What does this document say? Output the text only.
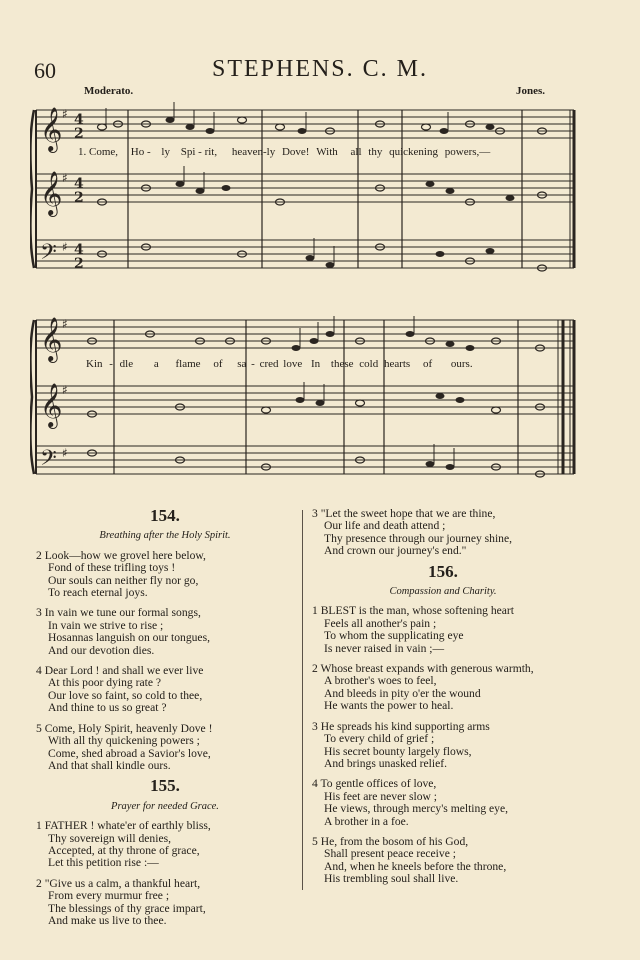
60	STEPHENS. C. M.
Moderato.	Jones.
𝄞
𝄞
𝄢
♯
♯
♯
4
2
4
2
4
2
1. Come, Ho - ly Spi - rit, heaven-ly Dove! With all thy quickening powers,—
𝄞
𝄞
𝄢
♯
♯
♯
Kin - dle a flame of sa - cred love In these cold hearts of ours.
154.
Breathing after the Holy Spirit.
2 Look—how we grovel here below,
Fond of these trifling toys !
Our souls can neither fly nor go,
To reach eternal joys.
3 In vain we tune our formal songs,
In vain we strive to rise ;
Hosannas languish on our tongues,
And our devotion dies.
4 Dear Lord ! and shall we ever live
At this poor dying rate ?
Our love so faint, so cold to thee,
And thine to us so great ?
5 Come, Holy Spirit, heavenly Dove !
With all thy quickening powers ;
Come, shed abroad a Savior's love,
And that shall kindle ours.
155.
Prayer for needed Grace.
1 FATHER ! whate'er of earthly bliss,
Thy sovereign will denies,
Accepted, at thy throne of grace,
Let this petition rise :—
2 "Give us a calm, a thankful heart,
From every murmur free ;
The blessings of thy grace impart,
And make us live to thee.
3 "Let the sweet hope that we are thine,
Our life and death attend ;
Thy presence through our journey shine,
And crown our journey's end."
156.
Compassion and Charity.
1 BLEST is the man, whose softening heart
Feels all another's pain ;
To whom the supplicating eye
Is never raised in vain ;—
2 Whose breast expands with generous warmth,
A brother's woes to feel,
And bleeds in pity o'er the wound
He wants the power to heal.
3 He spreads his kind supporting arms
To every child of grief ;
His secret bounty largely flows,
And brings unasked relief.
4 To gentle offices of love,
His feet are never slow ;
He views, through mercy's melting eye,
A brother in a foe.
5 He, from the bosom of his God,
Shall present peace receive ;
And, when he kneels before the throne,
His trembling soul shall live.
